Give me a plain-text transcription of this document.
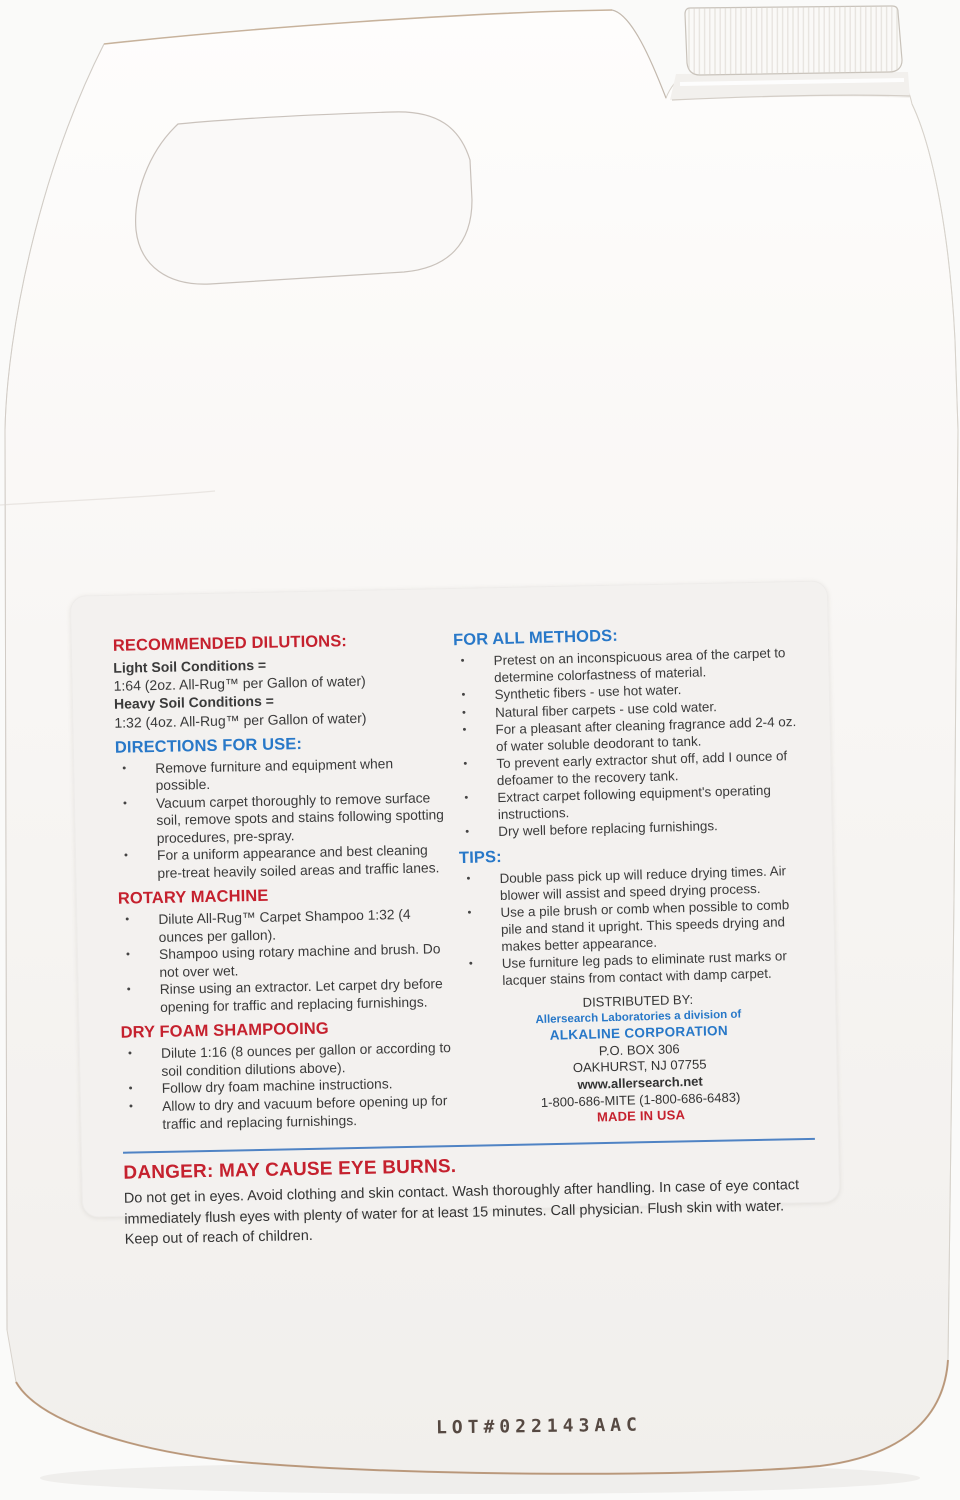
RECOMMENDED DILUTIONS:
Light Soil Conditions =
1:64 (2oz. All-Rug™ per Gallon of water)
Heavy Soil Conditions =
1:32 (4oz. All-Rug™ per Gallon of water)
DIRECTIONS FOR USE:
•	Remove furniture and equipment when possible.
•	Vacuum carpet thoroughly to remove surface soil, remove spots and stains following spotting procedures, pre-spray.
•	For a uniform appearance and best cleaning pre-treat heavily soiled areas and traffic lanes.
ROTARY MACHINE
•	Dilute All-Rug™ Carpet Shampoo 1:32 (4 ounces per gallon).
•	Shampoo using rotary machine and brush. Do not over wet.
•	Rinse using an extractor. Let carpet dry before opening for traffic and replacing furnishings.
DRY FOAM SHAMPOOING
•	Dilute 1:16 (8 ounces per gallon or according to soil condition dilutions above).
•	Follow dry foam machine instructions.
•	Allow to dry and vacuum before opening up for traffic and replacing furnishings.
FOR ALL METHODS:
•	Pretest on an inconspicuous area of the carpet to determine colorfastness of material.
•	Synthetic fibers - use hot water.
•	Natural fiber carpets - use cold water.
•	For a pleasant after cleaning fragrance add 2-4 oz. of water soluble deodorant to tank.
•	To prevent early extractor shut off, add I ounce of defoamer to the recovery tank.
•	Extract carpet following equipment's operating instructions.
•	Dry well before replacing furnishings.
TIPS:
•	Double pass pick up will reduce drying times. Air blower will assist and speed drying process.
•	Use a pile brush or comb when possible to comb pile and stand it upright. This speeds drying and makes better appearance.
•	Use furniture leg pads to eliminate rust marks or lacquer stains from contact with damp carpet.
DISTRIBUTED BY:
Allersearch Laboratories a division of
ALKALINE CORPORATION
P.O. BOX 306
OAKHURST, NJ 07755
www.allersearch.net
1-800-686-MITE (1-800-686-6483)
MADE IN USA
DANGER: MAY CAUSE EYE BURNS.

Do not get in eyes. Avoid clothing and skin contact. Wash thoroughly after handling. In case of eye contact immediately flush eyes with plenty of water for at least 15 minutes. Call physician. Flush skin with water. Keep out of reach of children.

LOT#022143AAC
